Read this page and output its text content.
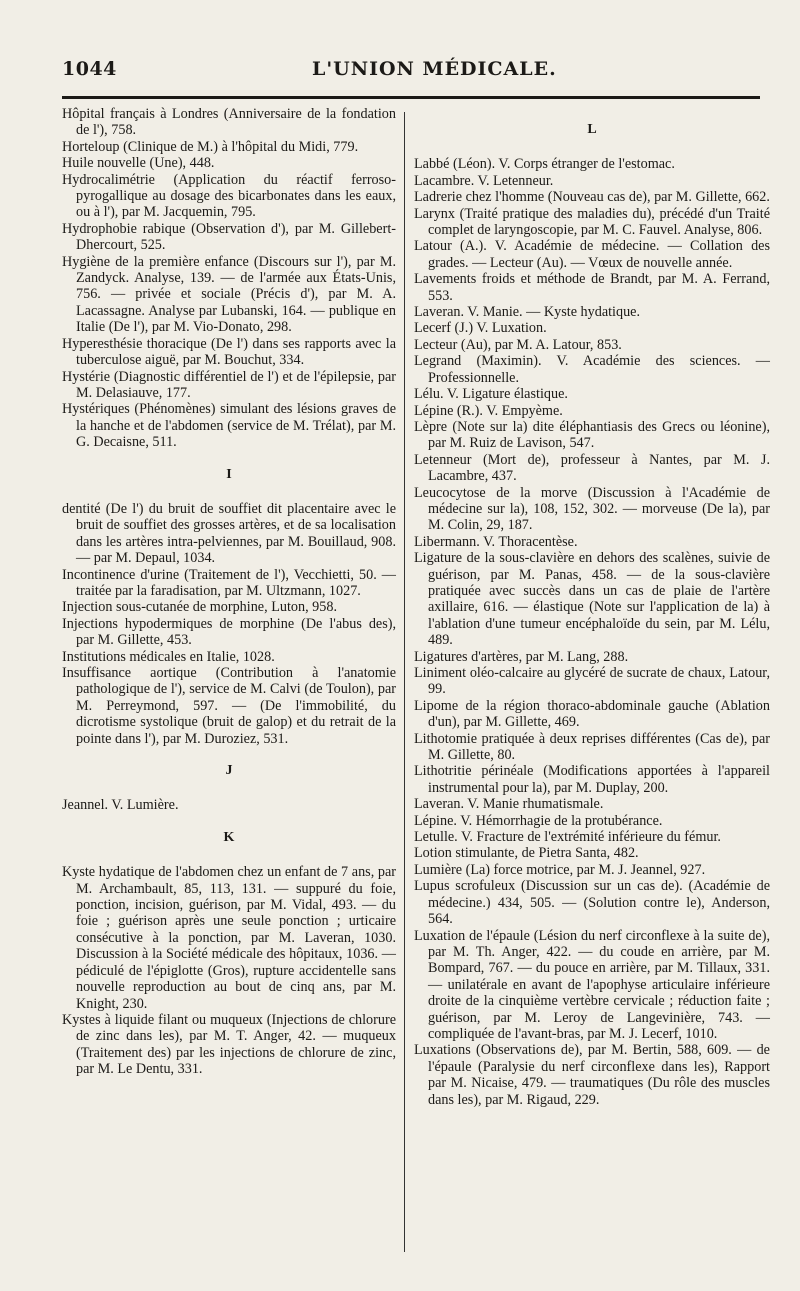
1044	L'UNION MÉDICALE.

Hôpital français à Londres (Anniversaire de la fondation de l'), 758.

Horteloup (Clinique de M.) à l'hôpital du Midi, 779.

Huile nouvelle (Une), 448.

Hydrocalimétrie (Application du réactif ferroso-pyrogallique au dosage des bicarbonates dans les eaux, ou à l'), par M. Jacquemin, 795.

Hydrophobie rabique (Observation d'), par M. Gillebert-Dhercourt, 525.

Hygiène de la première enfance (Discours sur l'), par M. Zandyck. Analyse, 139. — de l'armée aux États-Unis, 756. — privée et sociale (Précis d'), par M. A. Lacassagne. Analyse par Lubanski, 164. — publique en Italie (De l'), par M. Vio-Donato, 298.

Hyperesthésie thoracique (De l') dans ses rapports avec la tuberculose aiguë, par M. Bouchut, 334.

Hystérie (Diagnostic différentiel de l') et de l'épilepsie, par M. Delasiauve, 177.

Hystériques (Phénomènes) simulant des lésions graves de la hanche et de l'abdomen (service de M. Trélat), par M. G. Decaisne, 511.

I

dentité (De l') du bruit de souffiet dit placentaire avec le bruit de souffiet des grosses artères, et de sa localisation dans les artères intra-pelviennes, par M. Bouillaud, 908. — par M. Depaul, 1034.

Incontinence d'urine (Traitement de l'), Vecchietti, 50. — traitée par la faradisation, par M. Ultzmann, 1027.

Injection sous-cutanée de morphine, Luton, 958.

Injections hypodermiques de morphine (De l'abus des), par M. Gillette, 453.

Institutions médicales en Italie, 1028.

Insuffisance aortique (Contribution à l'anatomie pathologique de l'), service de M. Calvi (de Toulon), par M. Perreymond, 597. — (De l'immobilité, du dicrotisme systolique (bruit de galop) et du retrait de la pointe dans l'), par M. Duroziez, 531.

J

Jeannel. V. Lumière.

K

Kyste hydatique de l'abdomen chez un enfant de 7 ans, par M. Archambault, 85, 113, 131. — suppuré du foie, ponction, incision, guérison, par M. Vidal, 493. — du foie ; guérison après une seule ponction ; urticaire consécutive à la ponction, par M. Laveran, 1030. Discussion à la Société médicale des hôpitaux, 1036. — pédiculé de l'épiglotte (Gros), rupture accidentelle sans nouvelle reproduction au bout de cinq ans, par M. Knight, 230.

Kystes à liquide filant ou muqueux (Injections de chlorure de zinc dans les), par M. T. Anger, 42. — muqueux (Traitement des) par les injections de chlorure de zinc, par M. Le Dentu, 331.

L

Labbé (Léon). V. Corps étranger de l'estomac.

Lacambre. V. Letenneur.

Ladrerie chez l'homme (Nouveau cas de), par M. Gillette, 662.

Larynx (Traité pratique des maladies du), précédé d'un Traité complet de laryngoscopie, par M. C. Fauvel. Analyse, 806.

Latour (A.). V. Académie de médecine. — Collation des grades. — Lecteur (Au). — Vœux de nouvelle année.

Lavements froids et méthode de Brandt, par M. A. Ferrand, 553.

Laveran. V. Manie. — Kyste hydatique.

Lecerf (J.) V. Luxation.

Lecteur (Au), par M. A. Latour, 853.

Legrand (Maximin). V. Académie des sciences. — Professionnelle.

Lélu. V. Ligature élastique.

Lépine (R.). V. Empyème.

Lèpre (Note sur la) dite éléphantiasis des Grecs ou léonine), par M. Ruiz de Lavison, 547.

Letenneur (Mort de), professeur à Nantes, par M. J. Lacambre, 437.

Leucocytose de la morve (Discussion à l'Académie de médecine sur la), 108, 152, 302. — morveuse (De la), par M. Colin, 29, 187.

Libermann. V. Thoracentèse.

Ligature de la sous-clavière en dehors des scalènes, suivie de guérison, par M. Panas, 458. — de la sous-clavière pratiquée avec succès dans un cas de plaie de l'artère axillaire, 616. — élastique (Note sur l'application de la) à l'ablation d'une tumeur encéphaloïde du sein, par M. Lélu, 489.

Ligatures d'artères, par M. Lang, 288.

Liniment oléo-calcaire au glycéré de sucrate de chaux, Latour, 99.

Lipome de la région thoraco-abdominale gauche (Ablation d'un), par M. Gillette, 469.

Lithotomie pratiquée à deux reprises différentes (Cas de), par M. Gillette, 80.

Lithotritie périnéale (Modifications apportées à l'appareil instrumental pour la), par M. Duplay, 200.

Laveran. V. Manie rhumatismale.

Lépine. V. Hémorrhagie de la protubérance.

Letulle. V. Fracture de l'extrémité inférieure du fémur.

Lotion stimulante, de Pietra Santa, 482.

Lumière (La) force motrice, par M. J. Jeannel, 927.

Lupus scrofuleux (Discussion sur un cas de). (Académie de médecine.) 434, 505. — (Solution contre le), Anderson, 564.

Luxation de l'épaule (Lésion du nerf circonflexe à la suite de), par M. Th. Anger, 422. — du coude en arrière, par M. Bompard, 767. — du pouce en arrière, par M. Tillaux, 331. — unilatérale en avant de l'apophyse articulaire inférieure droite de la cinquième vertèbre cervicale ; réduction faite ; guérison, par M. Leroy de Langevinière, 743. — compliquée de l'avant-bras, par M. J. Lecerf, 1010.

Luxations (Observations de), par M. Bertin, 588, 609. — de l'épaule (Paralysie du nerf circonflexe dans les), Rapport par M. Nicaise, 479. — traumatiques (Du rôle des muscles dans les), par M. Rigaud, 229.
